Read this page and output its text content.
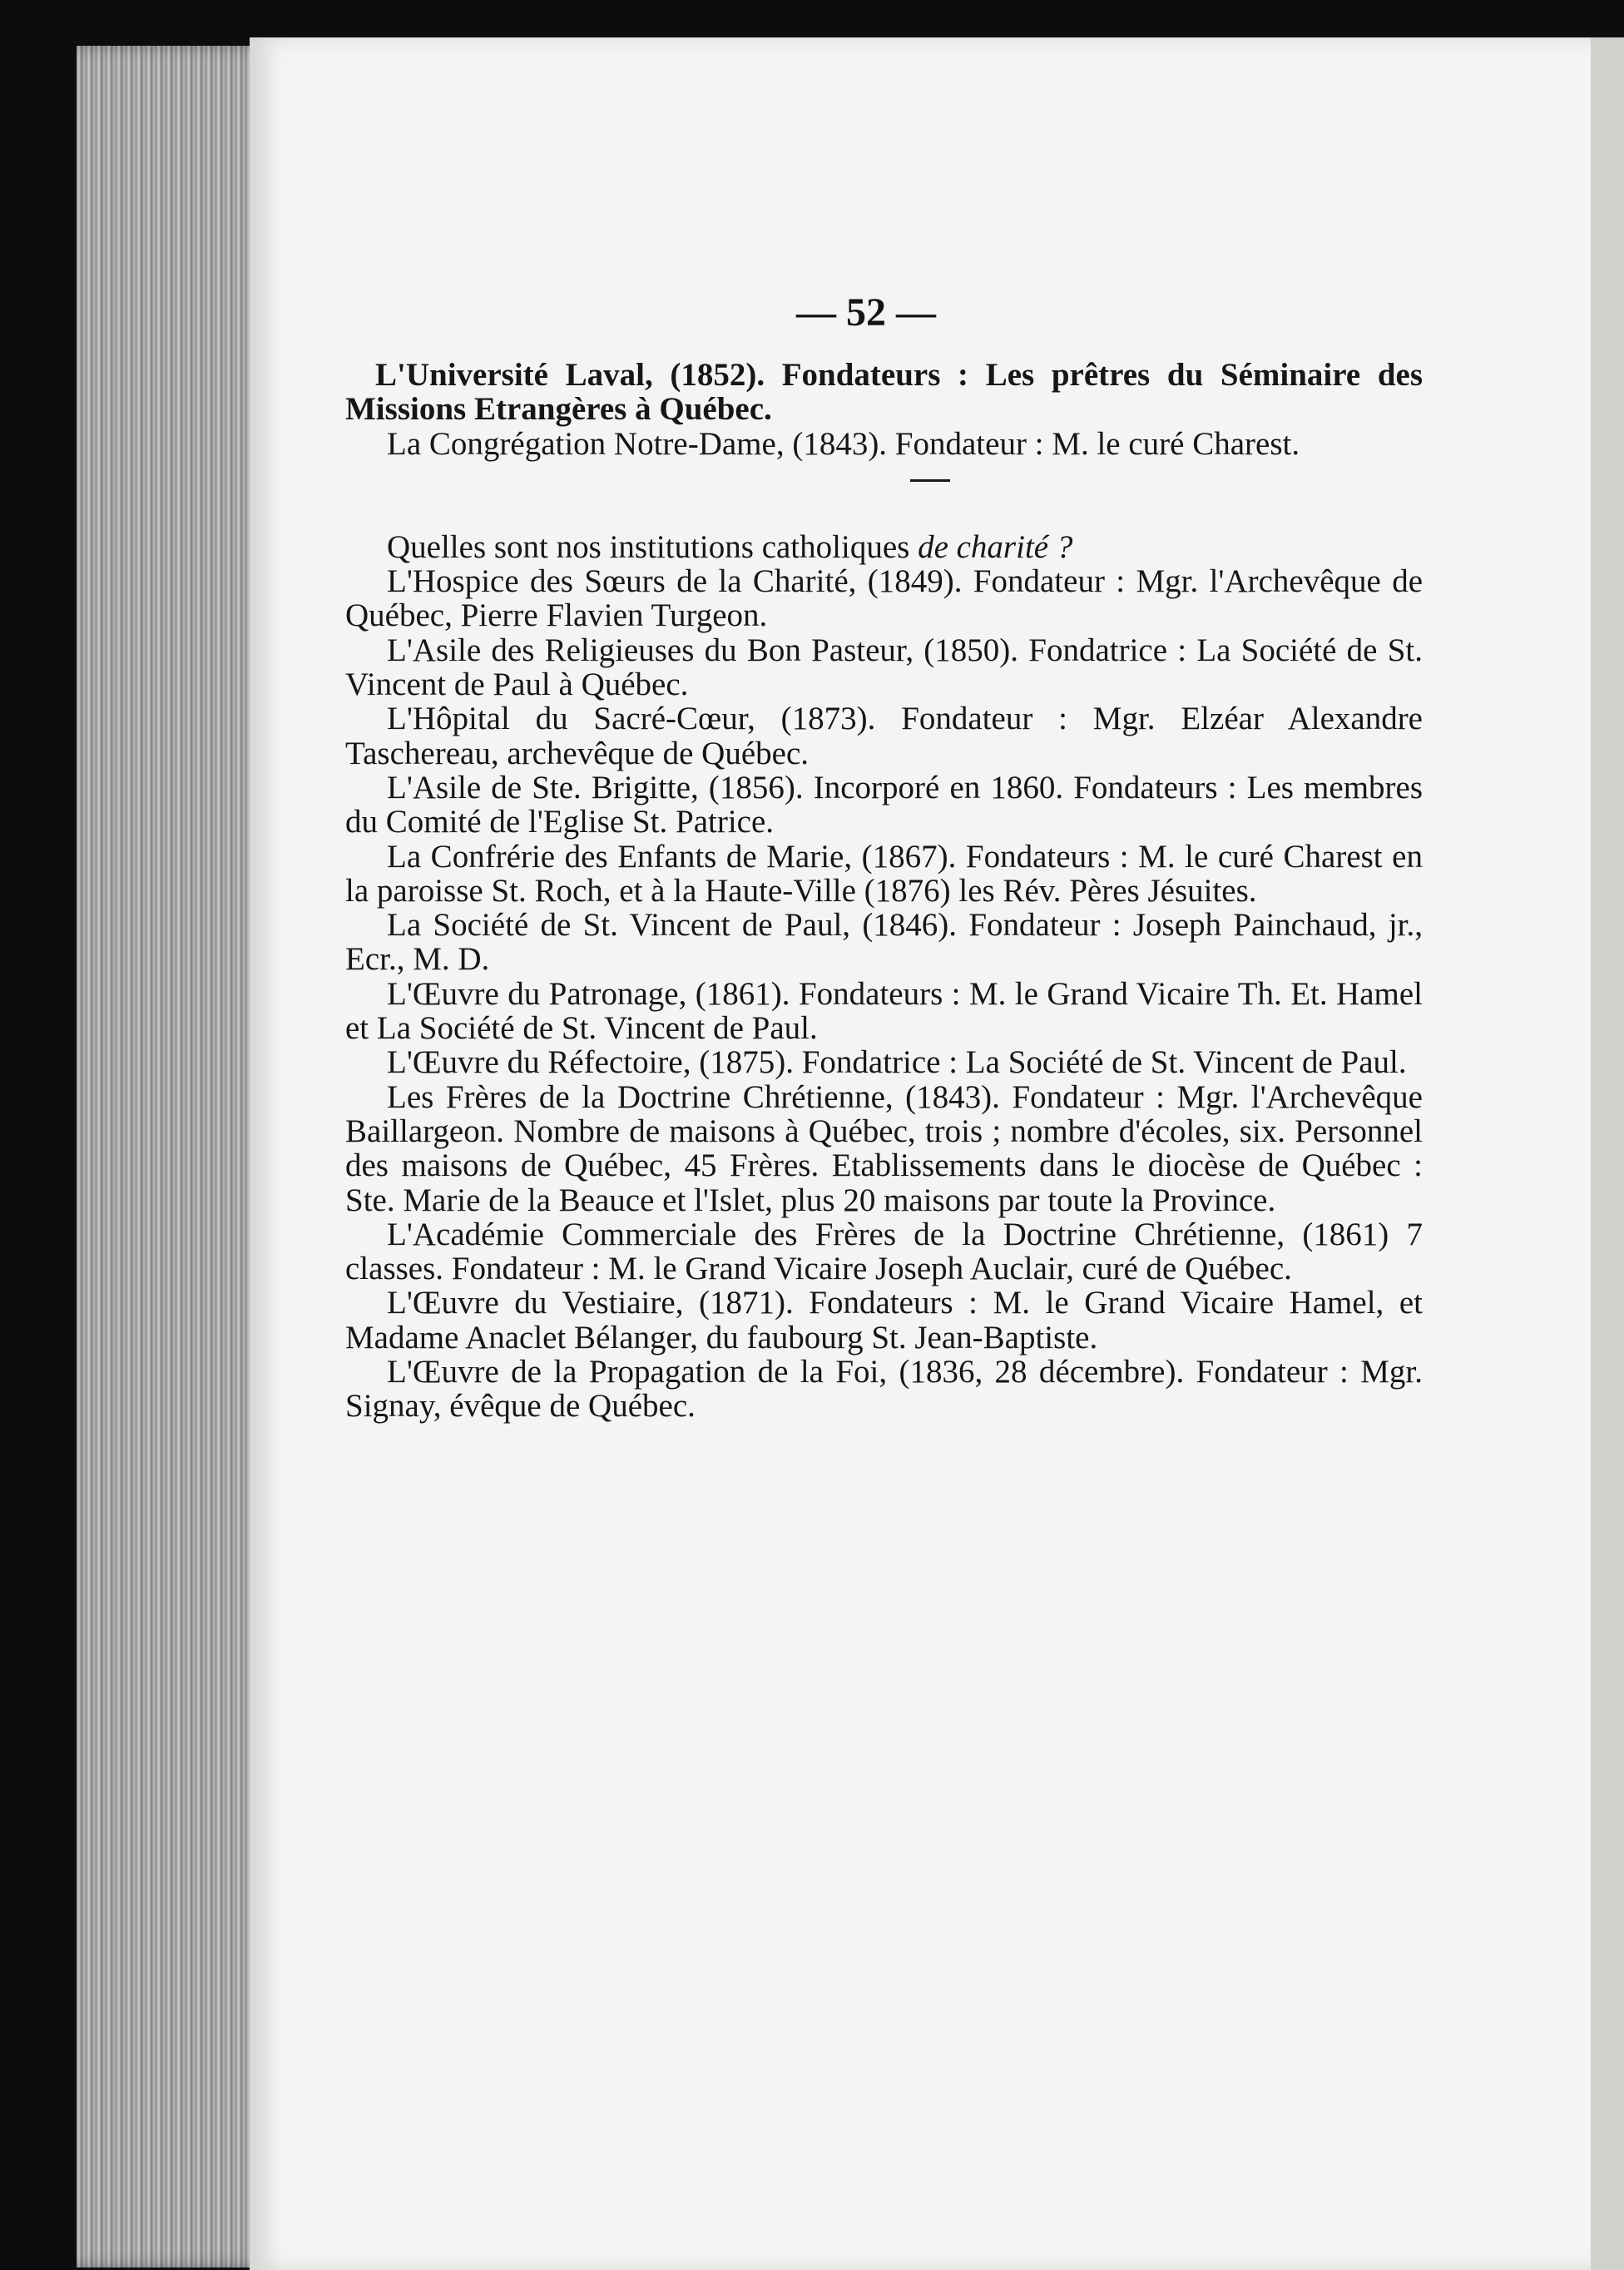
— 52 —

L'Université Laval, (1852). Fondateurs : Les prêtres du Séminaire des Missions Etrangères à Québec.

La Congrégation Notre-Dame, (1843). Fondateur : M. le curé Charest.

Quelles sont nos institutions catholiques de charité ?

L'Hospice des Sœurs de la Charité, (1849). Fondateur : Mgr. l'Archevêque de Québec, Pierre Flavien Turgeon.

L'Asile des Religieuses du Bon Pasteur, (1850). Fondatrice : La Société de St. Vincent de Paul à Québec.

L'Hôpital du Sacré-Cœur, (1873). Fondateur : Mgr. Elzéar Alexandre Taschereau, archevêque de Québec.

L'Asile de Ste. Brigitte, (1856). Incorporé en 1860. Fondateurs : Les membres du Comité de l'Eglise St. Patrice.

La Confrérie des Enfants de Marie, (1867). Fondateurs : M. le curé Charest en la paroisse St. Roch, et à la Haute-Ville (1876) les Rév. Pères Jésuites.

La Société de St. Vincent de Paul, (1846). Fondateur : Joseph Painchaud, jr., Ecr., M. D.

L'Œuvre du Patronage, (1861). Fondateurs : M. le Grand Vicaire Th. Et. Hamel et La Société de St. Vincent de Paul.

L'Œuvre du Réfectoire, (1875). Fondatrice : La Société de St. Vincent de Paul.

Les Frères de la Doctrine Chrétienne, (1843). Fondateur : Mgr. l'Archevêque Baillargeon. Nombre de maisons à Québec, trois ; nombre d'écoles, six. Personnel des maisons de Québec, 45 Frères. Etablissements dans le diocèse de Québec : Ste. Marie de la Beauce et l'Islet, plus 20 maisons par toute la Province.

L'Académie Commerciale des Frères de la Doctrine Chrétienne, (1861) 7 classes. Fondateur : M. le Grand Vicaire Joseph Auclair, curé de Québec.

L'Œuvre du Vestiaire, (1871). Fondateurs : M. le Grand Vicaire Hamel, et Madame Anaclet Bélanger, du faubourg St. Jean-Baptiste.

L'Œuvre de la Propagation de la Foi, (1836, 28 décembre). Fondateur : Mgr. Signay, évêque de Québec.
